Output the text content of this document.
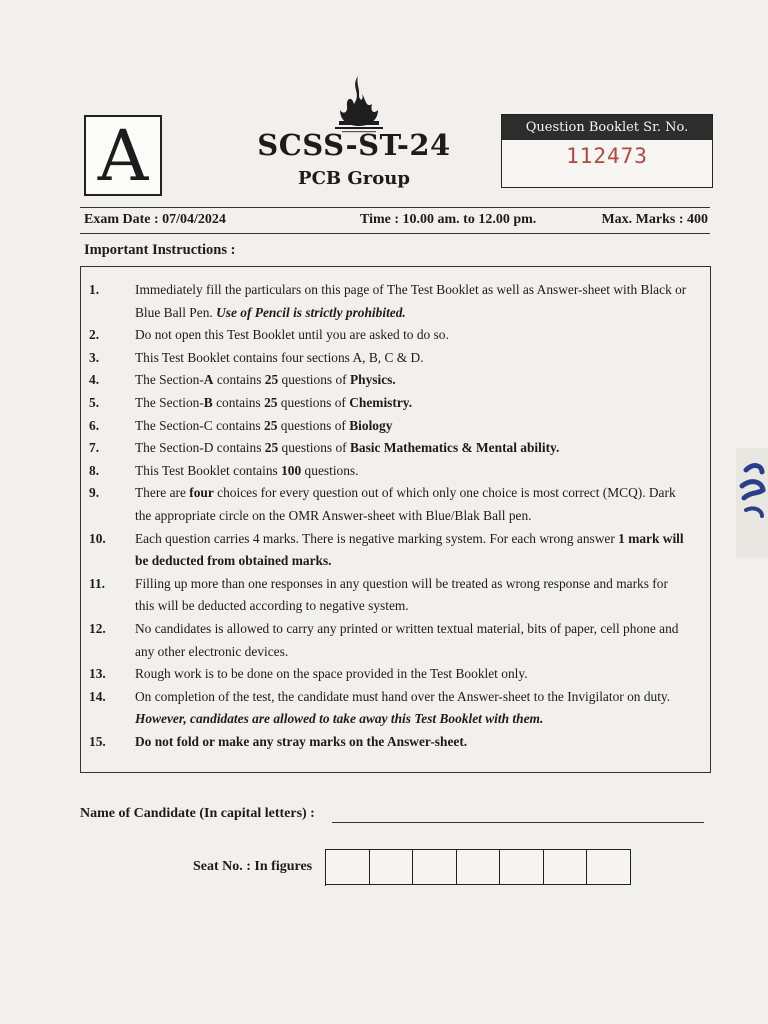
A	SCSS-ST-24
PCB Group
Question Booklet Sr. No.
112473
Exam Date : 07/04/2024	Time : 10.00 am. to 12.00 pm.	Max. Marks : 400
Important Instructions :
1.	Immediately fill the particulars on this page of The Test Booklet as well as Answer-sheet with Black or Blue Ball Pen. Use of Pencil is strictly prohibited.
2.	Do not open this Test Booklet until you are asked to do so.
3.	This Test Booklet contains four sections A, B, C & D.
4.	The Section-A contains 25 questions of Physics.
5.	The Section-B contains 25 questions of Chemistry.
6.	The Section-C contains 25 questions of Biology
7.	The Section-D contains 25 questions of Basic Mathematics & Mental ability.
8.	This Test Booklet contains 100 questions.
9.	There are four choices for every question out of which only one choice is most correct (MCQ). Dark the appropriate circle on the OMR Answer-sheet with Blue/Blak Ball pen.
10.	Each question carries 4 marks. There is negative marking system. For each wrong answer 1 mark will be deducted from obtained marks.
11.	Filling up more than one responses in any question will be treated as wrong response and marks for this will be deducted according to negative system.
12.	No candidates is allowed to carry any printed or written textual material, bits of paper, cell phone and any other electronic devices.
13.	Rough work is to be done on the space provided in the Test Booklet only.
14.	On completion of the test, the candidate must hand over the Answer-sheet to the Invigilator on duty. However, candidates are allowed to take away this Test Booklet with them.
15.	Do not fold or make any stray marks on the Answer-sheet.
Name of Candidate (In capital letters) :
Seat No. : In figures
